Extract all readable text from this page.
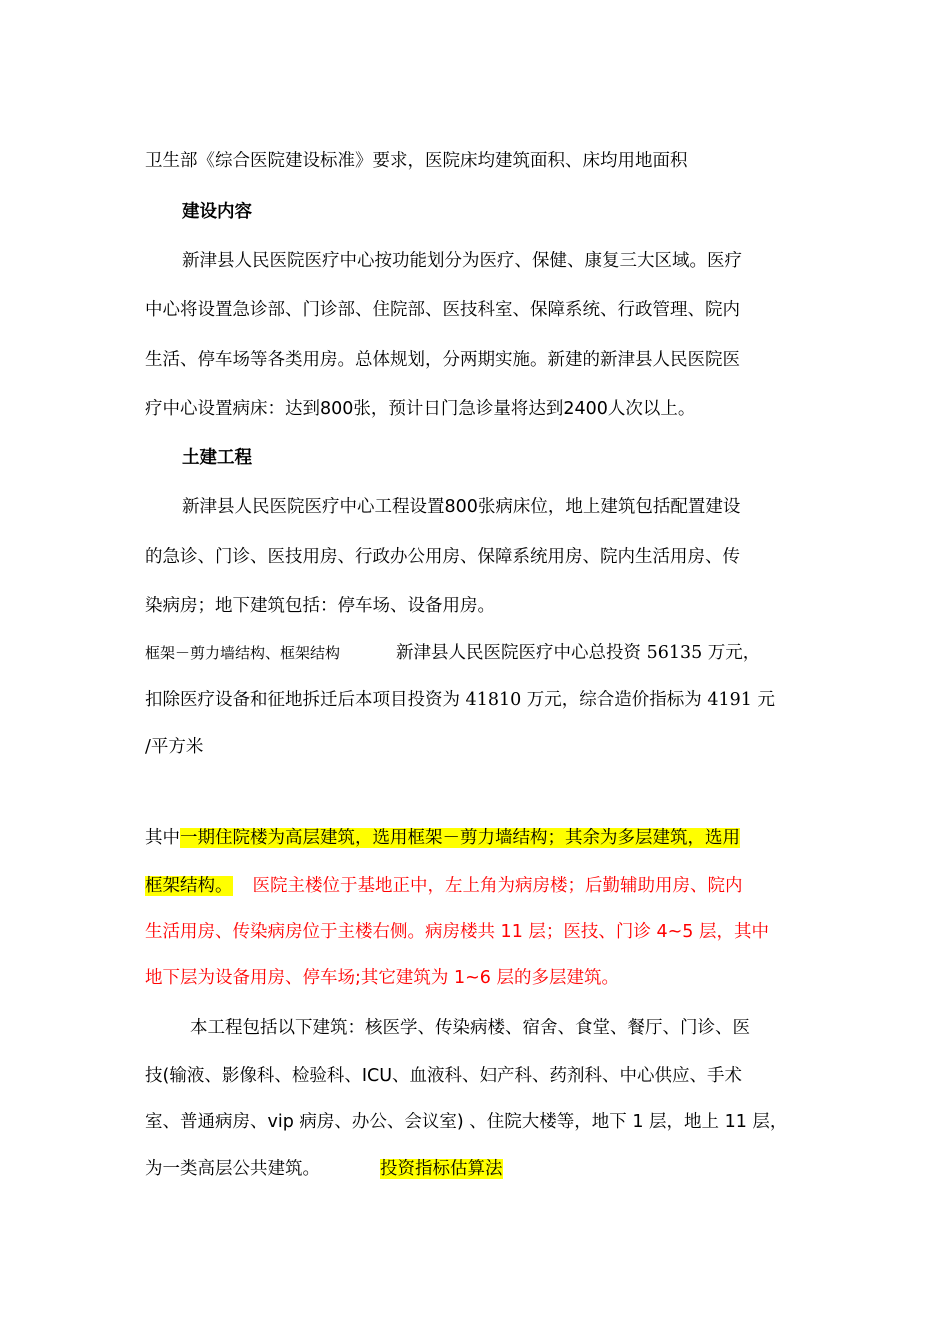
卫生部《综合医院建设标准》要求，医院床均建筑面积、床均用地面积
建设内容
新津县人民医院医疗中心按功能划分为医疗、保健、康复三大区域。医疗
中心将设置急诊部、门诊部、住院部、医技科室、保障系统、行政管理、院内
生活、停车场等各类用房。总体规划，分两期实施。新建的新津县人民医院医
疗中心设置病床：达到800张，预计日门急诊量将达到2400人次以上。
土建工程
新津县人民医院医疗中心工程设置800张病床位，地上建筑包括配置建设
的急诊、门诊、医技用房、行政办公用房、保障系统用房、院内生活用房、传
染病房；地下建筑包括：停车场、设备用房。
框架－剪力墙结构、框架结构	新津县人民医院医疗中心总投资 56135 万元，
扣除医疗设备和征地拆迁后本项目投资为 41810 万元，综合造价指标为 4191 元
/平方米
其中一期住院楼为高层建筑，选用框架－剪力墙结构；其余为多层建筑，选用
框架结构。 医院主楼位于基地正中，左上角为病房楼；后勤辅助用房、院内
生活用房、传染病房位于主楼右侧。病房楼共 11 层；医技、门诊 4~5 层，其中
地下层为设备用房、停车场;其它建筑为 1~6 层的多层建筑。
本工程包括以下建筑：核医学、传染病楼、宿舍、食堂、餐厅、门诊、医
技(输液、影像科、检验科、ICU、血液科、妇产科、药剂科、中心供应、手术
室、普通病房、vip 病房、办公、会议室) 、住院大楼等，地下 1 层，地上 11 层，
为一类高层公共建筑。	投资指标估算法
